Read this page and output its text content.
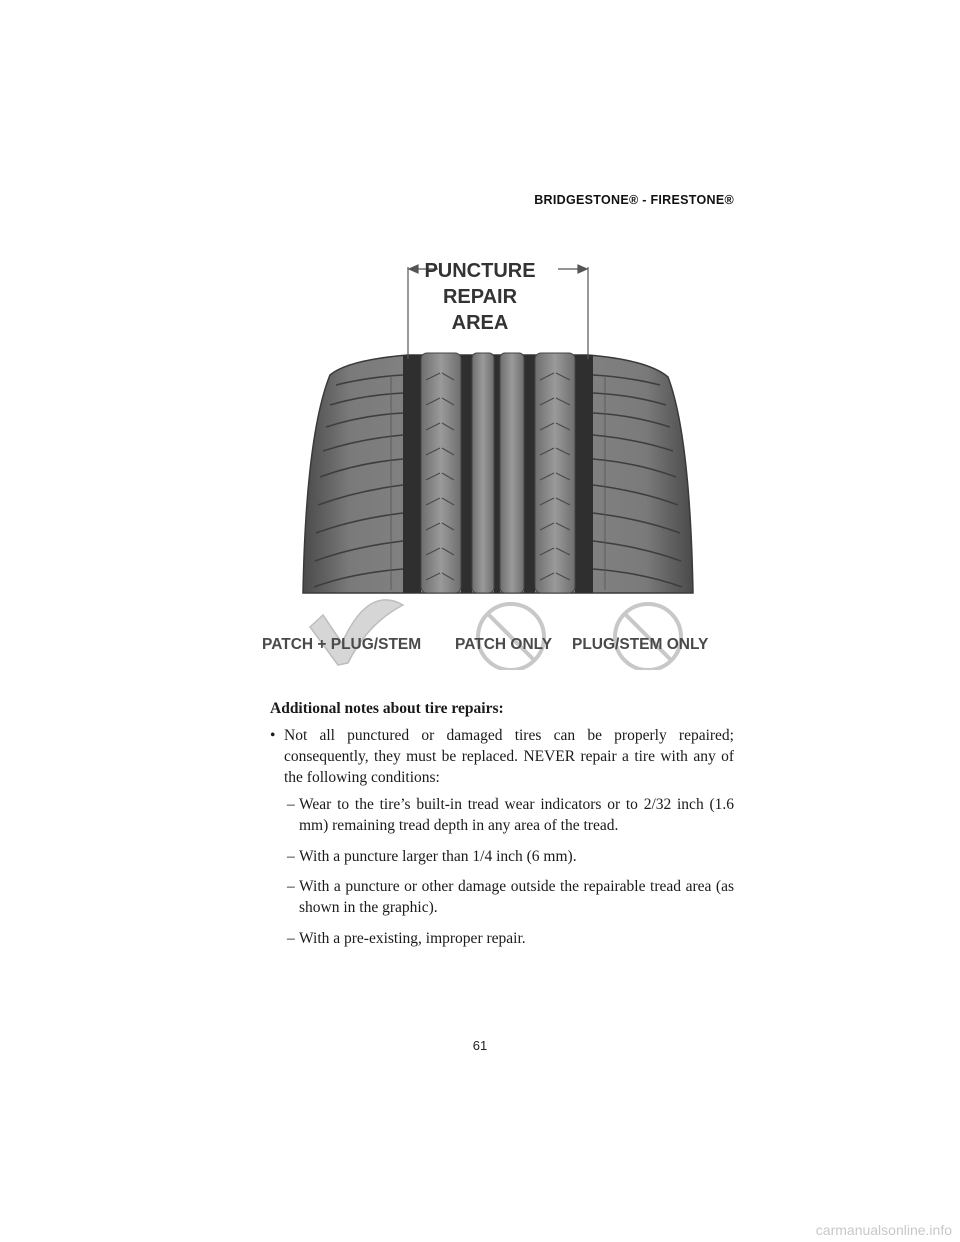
BRIDGESTONE® - FIRESTONE®
PUNCTURE
REPAIR
AREA
PATCH + PLUG/STEM PATCH ONLY PLUG/STEM ONLY
Additional notes about tire repairs:
• Not all punctured or damaged tires can be properly repaired; consequently, they must be replaced. NEVER repair a tire with any of the following conditions:
– Wear to the tire’s built-in tread wear indicators or to 2/32 inch (1.6 mm) remaining tread depth in any area of the tread.
– With a puncture larger than 1/4 inch (6 mm).
– With a puncture or other damage outside the repairable tread area (as shown in the graphic).
– With a pre-existing, improper repair.
61
carmanualsonline.info
